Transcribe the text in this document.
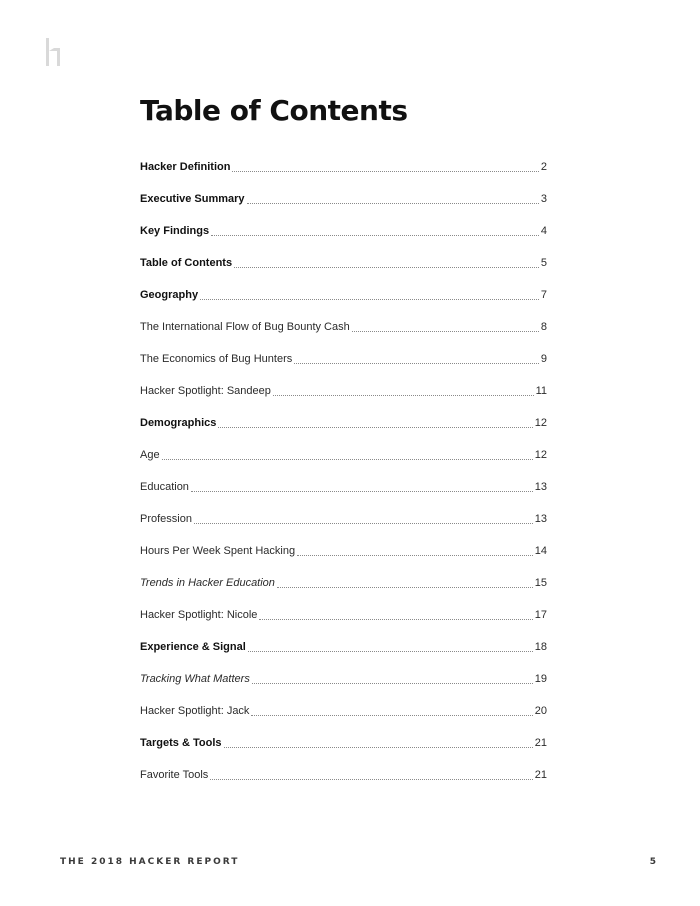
Table of Contents
Hacker Definition	2
Executive Summary	3
Key Findings	4
Table of Contents	5
Geography	7
The International Flow of Bug Bounty Cash	8
The Economics of Bug Hunters	9
Hacker Spotlight: Sandeep	11
Demographics	12
Age	12
Education	13
Profession	13
Hours Per Week Spent Hacking	14
Trends in Hacker Education	15
Hacker Spotlight: Nicole	17
Experience & Signal	18
Tracking What Matters	19
Hacker Spotlight: Jack	20
Targets & Tools	21
Favorite Tools	21
THE 2018 HACKER REPORT	5
